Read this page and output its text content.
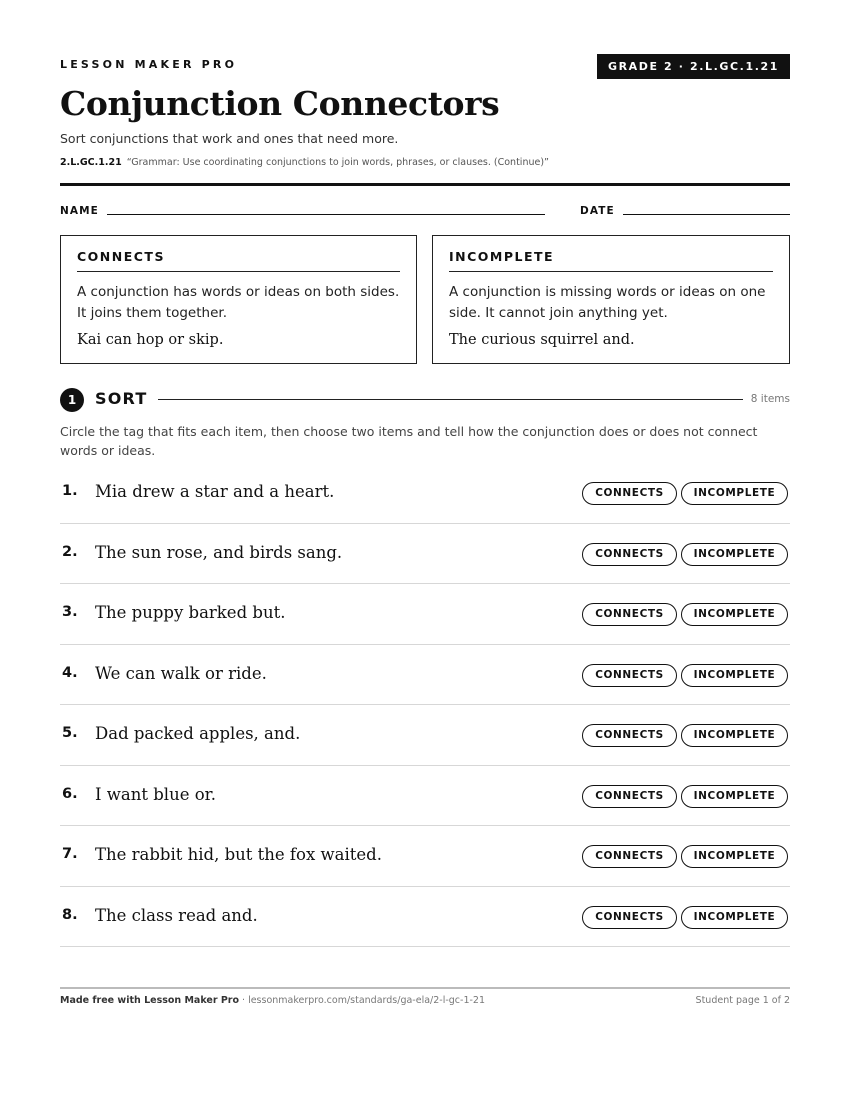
LESSON MAKER PRO	GRADE 2 · 2.L.GC.1.21
Conjunction Connectors
Sort conjunctions that work and ones that need more.
2.L.GC.1.21 “Grammar: Use coordinating conjunctions to join words, phrases, or clauses. (Continue)”
NAME	DATE
CONNECTS
A conjunction has words or ideas on both sides. It joins them together.
Kai can hop or skip.
INCOMPLETE
A conjunction is missing words or ideas on one side. It cannot join anything yet.
The curious squirrel and.
1	SORT	8 items
Circle the tag that fits each item, then choose two items and tell how the conjunction does or does not connect words or ideas.
1. Mia drew a star and a heart.	CONNECTS	INCOMPLETE
2. The sun rose, and birds sang.	CONNECTS	INCOMPLETE
3. The puppy barked but.	CONNECTS	INCOMPLETE
4. We can walk or ride.	CONNECTS	INCOMPLETE
5. Dad packed apples, and.	CONNECTS	INCOMPLETE
6. I want blue or.	CONNECTS	INCOMPLETE
7. The rabbit hid, but the fox waited.	CONNECTS	INCOMPLETE
8. The class read and.	CONNECTS	INCOMPLETE
Made free with Lesson Maker Pro · lessonmakerpro.com/standards/ga-ela/2-l-gc-1-21	Student page 1 of 2
